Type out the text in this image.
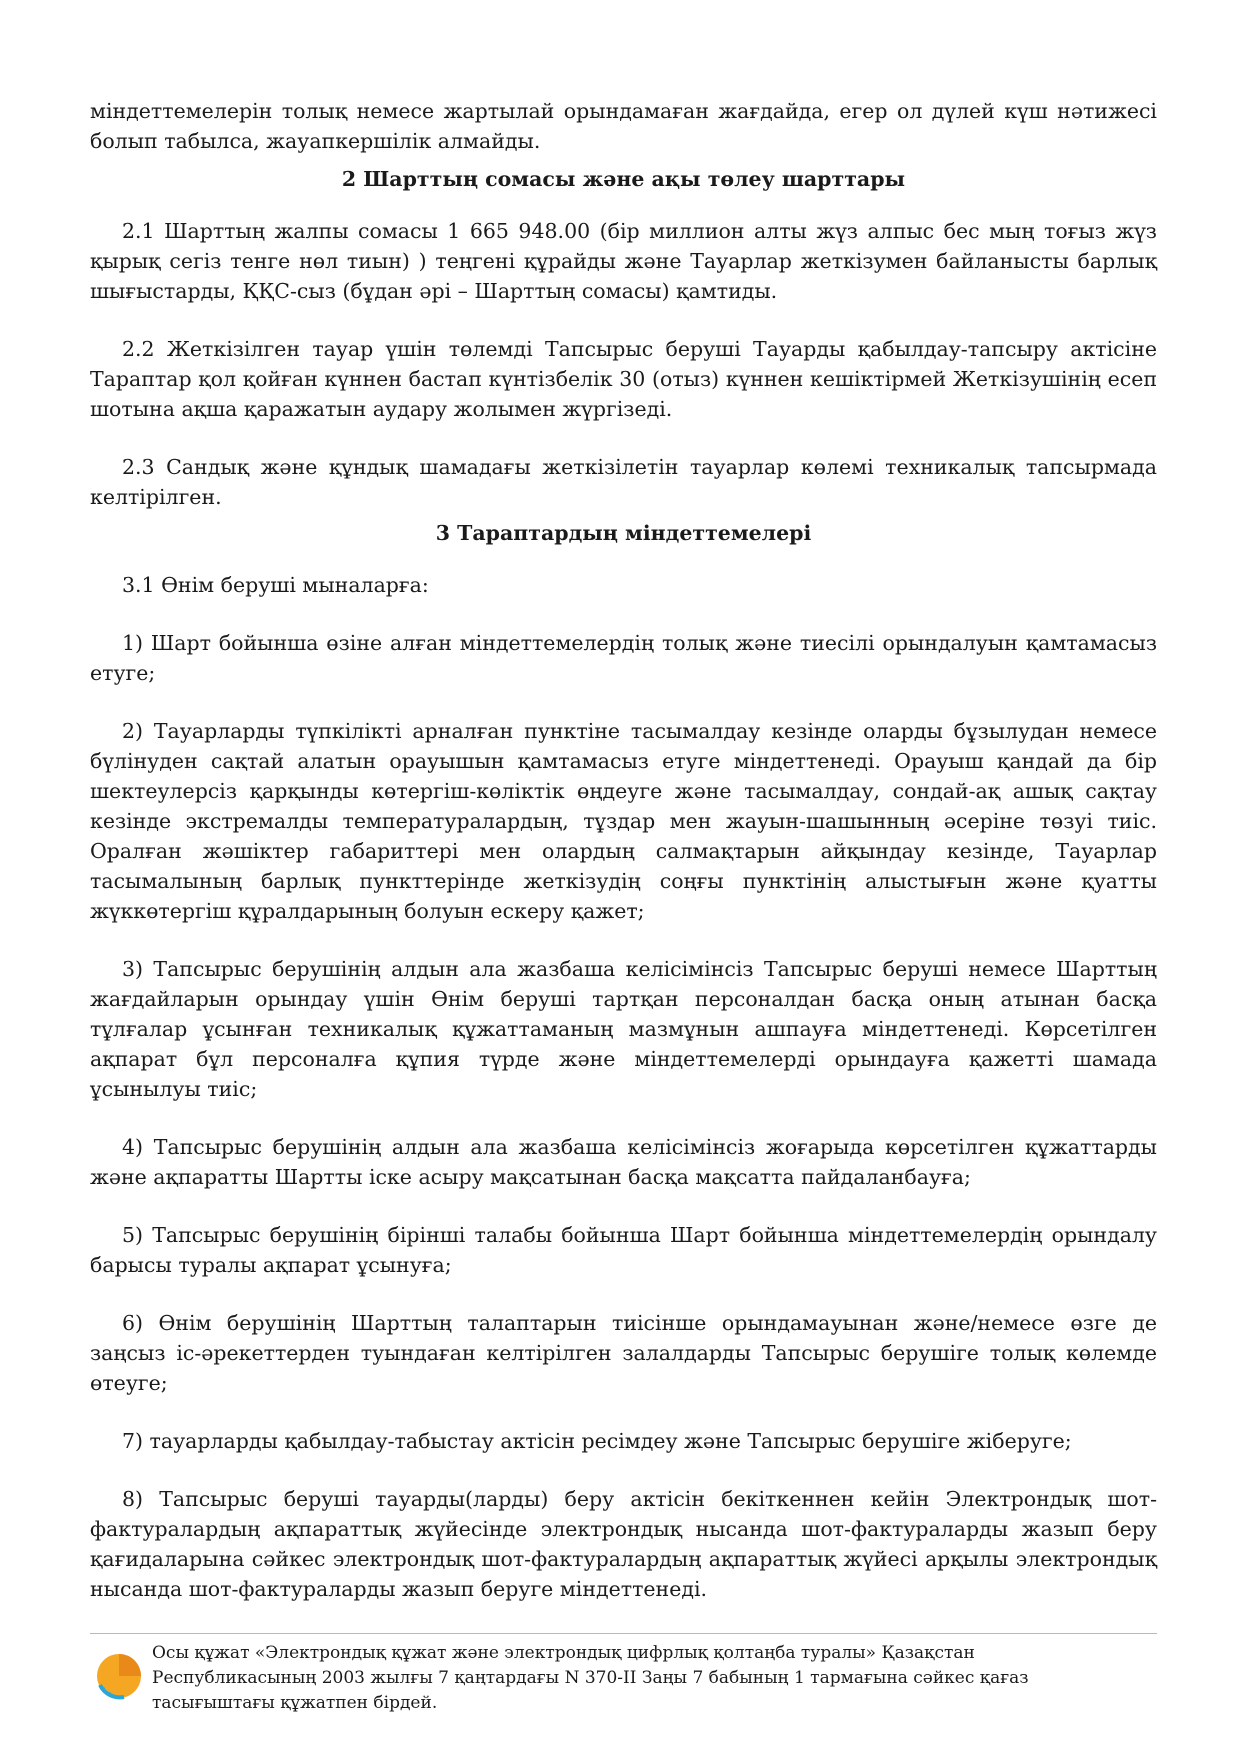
міндеттемелерін толық немесе жартылай орындамаған жағдайда, егер ол дүлей күш нәтижесі болып табылса, жауапкершілік алмайды.

2 Шарттың сомасы және ақы төлеу шарттары

2.1 Шарттың жалпы сомасы 1 665 948.00 (бір миллион алты жүз алпыс бес мың тоғыз жүз қырық сегіз тенге нөл тиын) ) теңгені құрайды және Тауарлар жеткізумен байланысты барлық шығыстарды, ҚҚС-сыз (бұдан әрі – Шарттың сомасы) қамтиды.

2.2 Жеткізілген тауар үшін төлемді Тапсырыс беруші Тауарды қабылдау-тапсыру актісіне Тараптар қол қойған күннен бастап күнтізбелік 30 (отыз) күннен кешіктірмей Жеткізушінің есеп шотына ақша қаражатын аудару жолымен жүргізеді.

2.3 Сандық және құндық шамадағы жеткізілетін тауарлар көлемі техникалық тапсырмада келтірілген.

3 Тараптардың міндеттемелері

3.1 Өнім беруші мыналарға:

1) Шарт бойынша өзіне алған міндеттемелердің толық және тиесілі орындалуын қамтамасыз етуге;

2) Тауарларды түпкілікті арналған пунктіне тасымалдау кезінде оларды бұзылудан немесе бүлінуден сақтай алатын орауышын қамтамасыз етуге міндеттенеді. Орауыш қандай да бір шектеулерсіз қарқынды көтергіш-көліктік өңдеуге және тасымалдау, сондай-ақ ашық сақтау кезінде экстремалды температуралардың, тұздар мен жауын-шашынның әсеріне төзуі тиіс. Оралған жәшіктер габариттері мен олардың салмақтарын айқындау кезінде, Тауарлар тасымалының барлық пункттерінде жеткізудің соңғы пунктінің алыстығын және қуатты жүккөтергіш құралдарының болуын ескеру қажет;

3) Тапсырыс берушінің алдын ала жазбаша келісімінсіз Тапсырыс беруші немесе Шарттың жағдайларын орындау үшін Өнім беруші тартқан персоналдан басқа оның атынан басқа тұлғалар ұсынған техникалық құжаттаманың мазмұнын ашпауға міндеттенеді. Көрсетілген ақпарат бұл персоналға құпия түрде және міндеттемелерді орындауға қажетті шамада ұсынылуы тиіс;

4) Тапсырыс берушінің алдын ала жазбаша келісімінсіз жоғарыда көрсетілген құжаттарды және ақпаратты Шартты іске асыру мақсатынан басқа мақсатта пайдаланбауға;

5) Тапсырыс берушінің бірінші талабы бойынша Шарт бойынша міндеттемелердің орындалу барысы туралы ақпарат ұсынуға;

6) Өнім берушінің Шарттың талаптарын тиісінше орындамауынан және/немесе өзге де заңсыз іс-әрекеттерден туындаған келтірілген залалдарды Тапсырыс берушіге толық көлемде өтеуге;

7) тауарларды қабылдау-табыстау актісін ресімдеу және Тапсырыс берушіге жіберуге;

8) Тапсырыс беруші тауарды(ларды) беру актісін бекіткеннен кейін Электрондық шот-фактуралардың ақпараттық жүйесінде электрондық нысанда шот-фактураларды жазып беру қағидаларына сәйкес электрондық шот-фактуралардың ақпараттық жүйесі арқылы электрондық нысанда шот-фактураларды жазып беруге міндеттенеді.

Осы құжат «Электрондық құжат және электрондық цифрлық қолтаңба туралы» Қазақстан
Республикасының 2003 жылғы 7 қаңтардағы N 370-II Заңы 7 бабының 1 тармағына сәйкес қағаз
тасығыштағы құжатпен бірдей.
